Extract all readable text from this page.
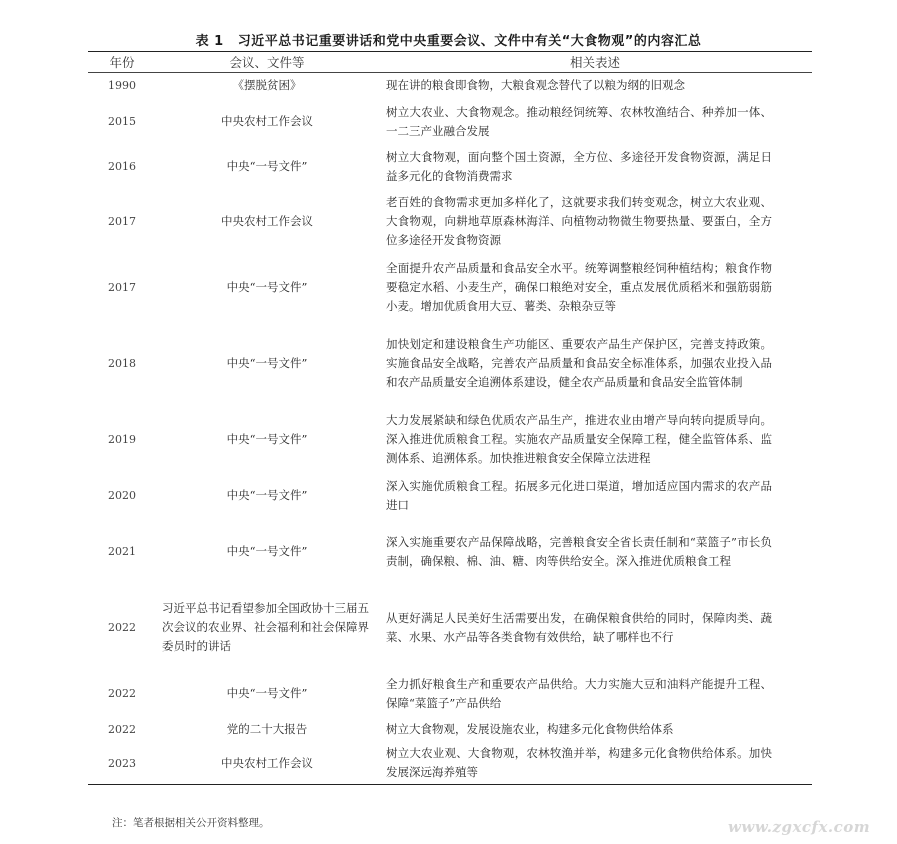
表 1 习近平总书记重要讲话和党中央重要会议、文件中有关“大食物观”的内容汇总
年份	会议、文件等	相关表述
1990	《摆脱贫困》	现在讲的粮食即食物，大粮食观念替代了以粮为纲的旧观念
2015	中央农村工作会议	树立大农业、大食物观念。推动粮经饲统筹、农林牧渔结合、种养加一体、一二三产业融合发展
2016	中央“一号文件”	树立大食物观，面向整个国土资源，全方位、多途径开发食物资源，满足日益多元化的食物消费需求
2017	中央农村工作会议	老百姓的食物需求更加多样化了，这就要求我们转变观念，树立大农业观、大食物观，向耕地草原森林海洋、向植物动物微生物要热量、要蛋白，全方位多途径开发食物资源
2017	中央“一号文件”	全面提升农产品质量和食品安全水平。统筹调整粮经饲种植结构；粮食作物要稳定水稻、小麦生产，确保口粮绝对安全，重点发展优质稻米和强筋弱筋小麦。增加优质食用大豆、薯类、杂粮杂豆等
2018	中央“一号文件”	加快划定和建设粮食生产功能区、重要农产品生产保护区，完善支持政策。实施食品安全战略，完善农产品质量和食品安全标准体系，加强农业投入品和农产品质量安全追溯体系建设，健全农产品质量和食品安全监管体制
2019	中央“一号文件”	大力发展紧缺和绿色优质农产品生产，推进农业由增产导向转向提质导向。深入推进优质粮食工程。实施农产品质量安全保障工程，健全监管体系、监测体系、追溯体系。加快推进粮食安全保障立法进程
2020	中央“一号文件”	深入实施优质粮食工程。拓展多元化进口渠道，增加适应国内需求的农产品进口
2021	中央“一号文件”	深入实施重要农产品保障战略，完善粮食安全省长责任制和“菜篮子”市长负责制，确保粮、棉、油、糖、肉等供给安全。深入推进优质粮食工程
2022	习近平总书记看望参加全国政协十三届五次会议的农业界、社会福利和社会保障界委员时的讲话	从更好满足人民美好生活需要出发，在确保粮食供给的同时，保障肉类、蔬菜、水果、水产品等各类食物有效供给，缺了哪样也不行
2022	中央“一号文件”	全力抓好粮食生产和重要农产品供给。大力实施大豆和油料产能提升工程、保障“菜篮子”产品供给
2022	党的二十大报告	树立大食物观，发展设施农业，构建多元化食物供给体系
2023	中央农村工作会议	树立大农业观、大食物观，农林牧渔并举，构建多元化食物供给体系。加快发展深远海养殖等
注：笔者根据相关公开资料整理。	www.zgxcfx.com
